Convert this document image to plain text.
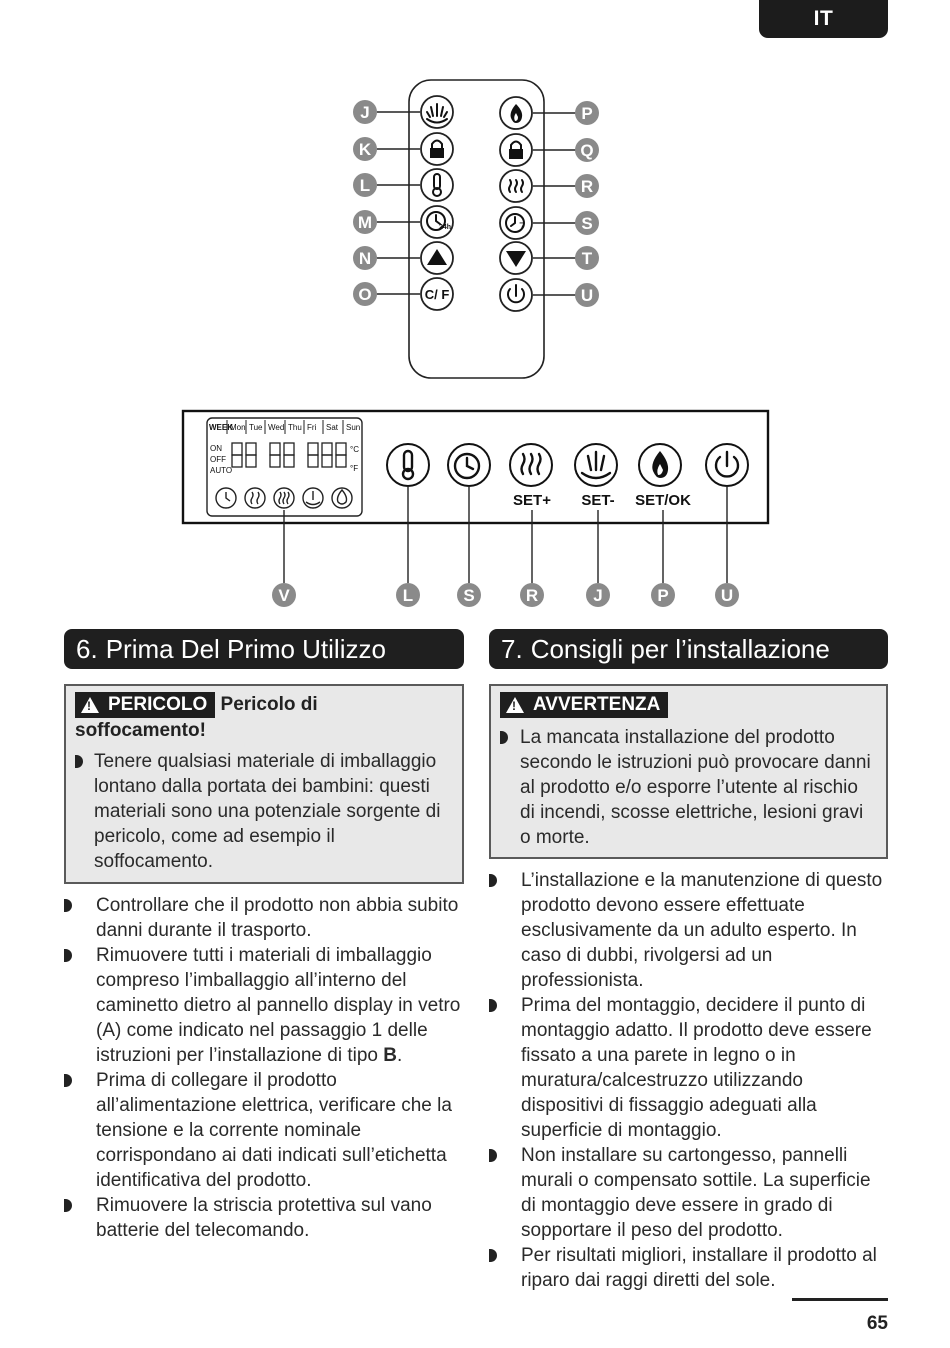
IT
24h	7
C/ F
J
K
L
M
N
O
P
Q
R
S
T
U
WEEK
Mon Tue Wed Thu Fri Sat Sun
ON
OFF
AUTO
°C
°F
SET+ SET- SET/OK
V	L	S	R	J	P	U
6. Prima Del Primo Utilizzo
!
PERICOLO Pericolo di
soffocamento!
Tenere qualsiasi materiale di imballaggio lontano dalla portata dei bambini: questi materiali sono una potenziale sorgente di pericolo, come ad esempio il soffocamento.
Controllare che il prodotto non abbia subito danni durante il trasporto.
Rimuovere tutti i materiali di imballaggio compreso l’imballaggio all’interno del caminetto dietro al pannello display in vetro (A) come indicato nel passaggio 1 delle istruzioni per l’installazione di tipo B.
Prima di collegare il prodotto all’alimentazione elettrica, verificare che la tensione e la corrente nominale corrispondano ai dati indicati sull’etichetta identificativa del prodotto.
Rimuovere la striscia protettiva sul vano batterie del telecomando.
7. Consigli per l’installazione
!
AVVERTENZA
La mancata installazione del prodotto secondo le istruzioni può provocare danni al prodotto e/o esporre l’utente al rischio di incendi, scosse elettriche, lesioni gravi o morte.
L’installazione e la manutenzione di questo prodotto devono essere effettuate esclusivamente da un adulto esperto. In caso di dubbi, rivolgersi ad un professionista.
Prima del montaggio, decidere il punto di montaggio adatto. Il prodotto deve essere fissato a una parete in legno o in muratura/calcestruzzo utilizzando dispositivi di fissaggio adeguati alla superficie di montaggio.
Non installare su cartongesso, pannelli murali o compensato sottile. La superficie di montaggio deve essere in grado di sopportare il peso del prodotto.
Per risultati migliori, installare il prodotto al riparo dai raggi diretti del sole.
65
